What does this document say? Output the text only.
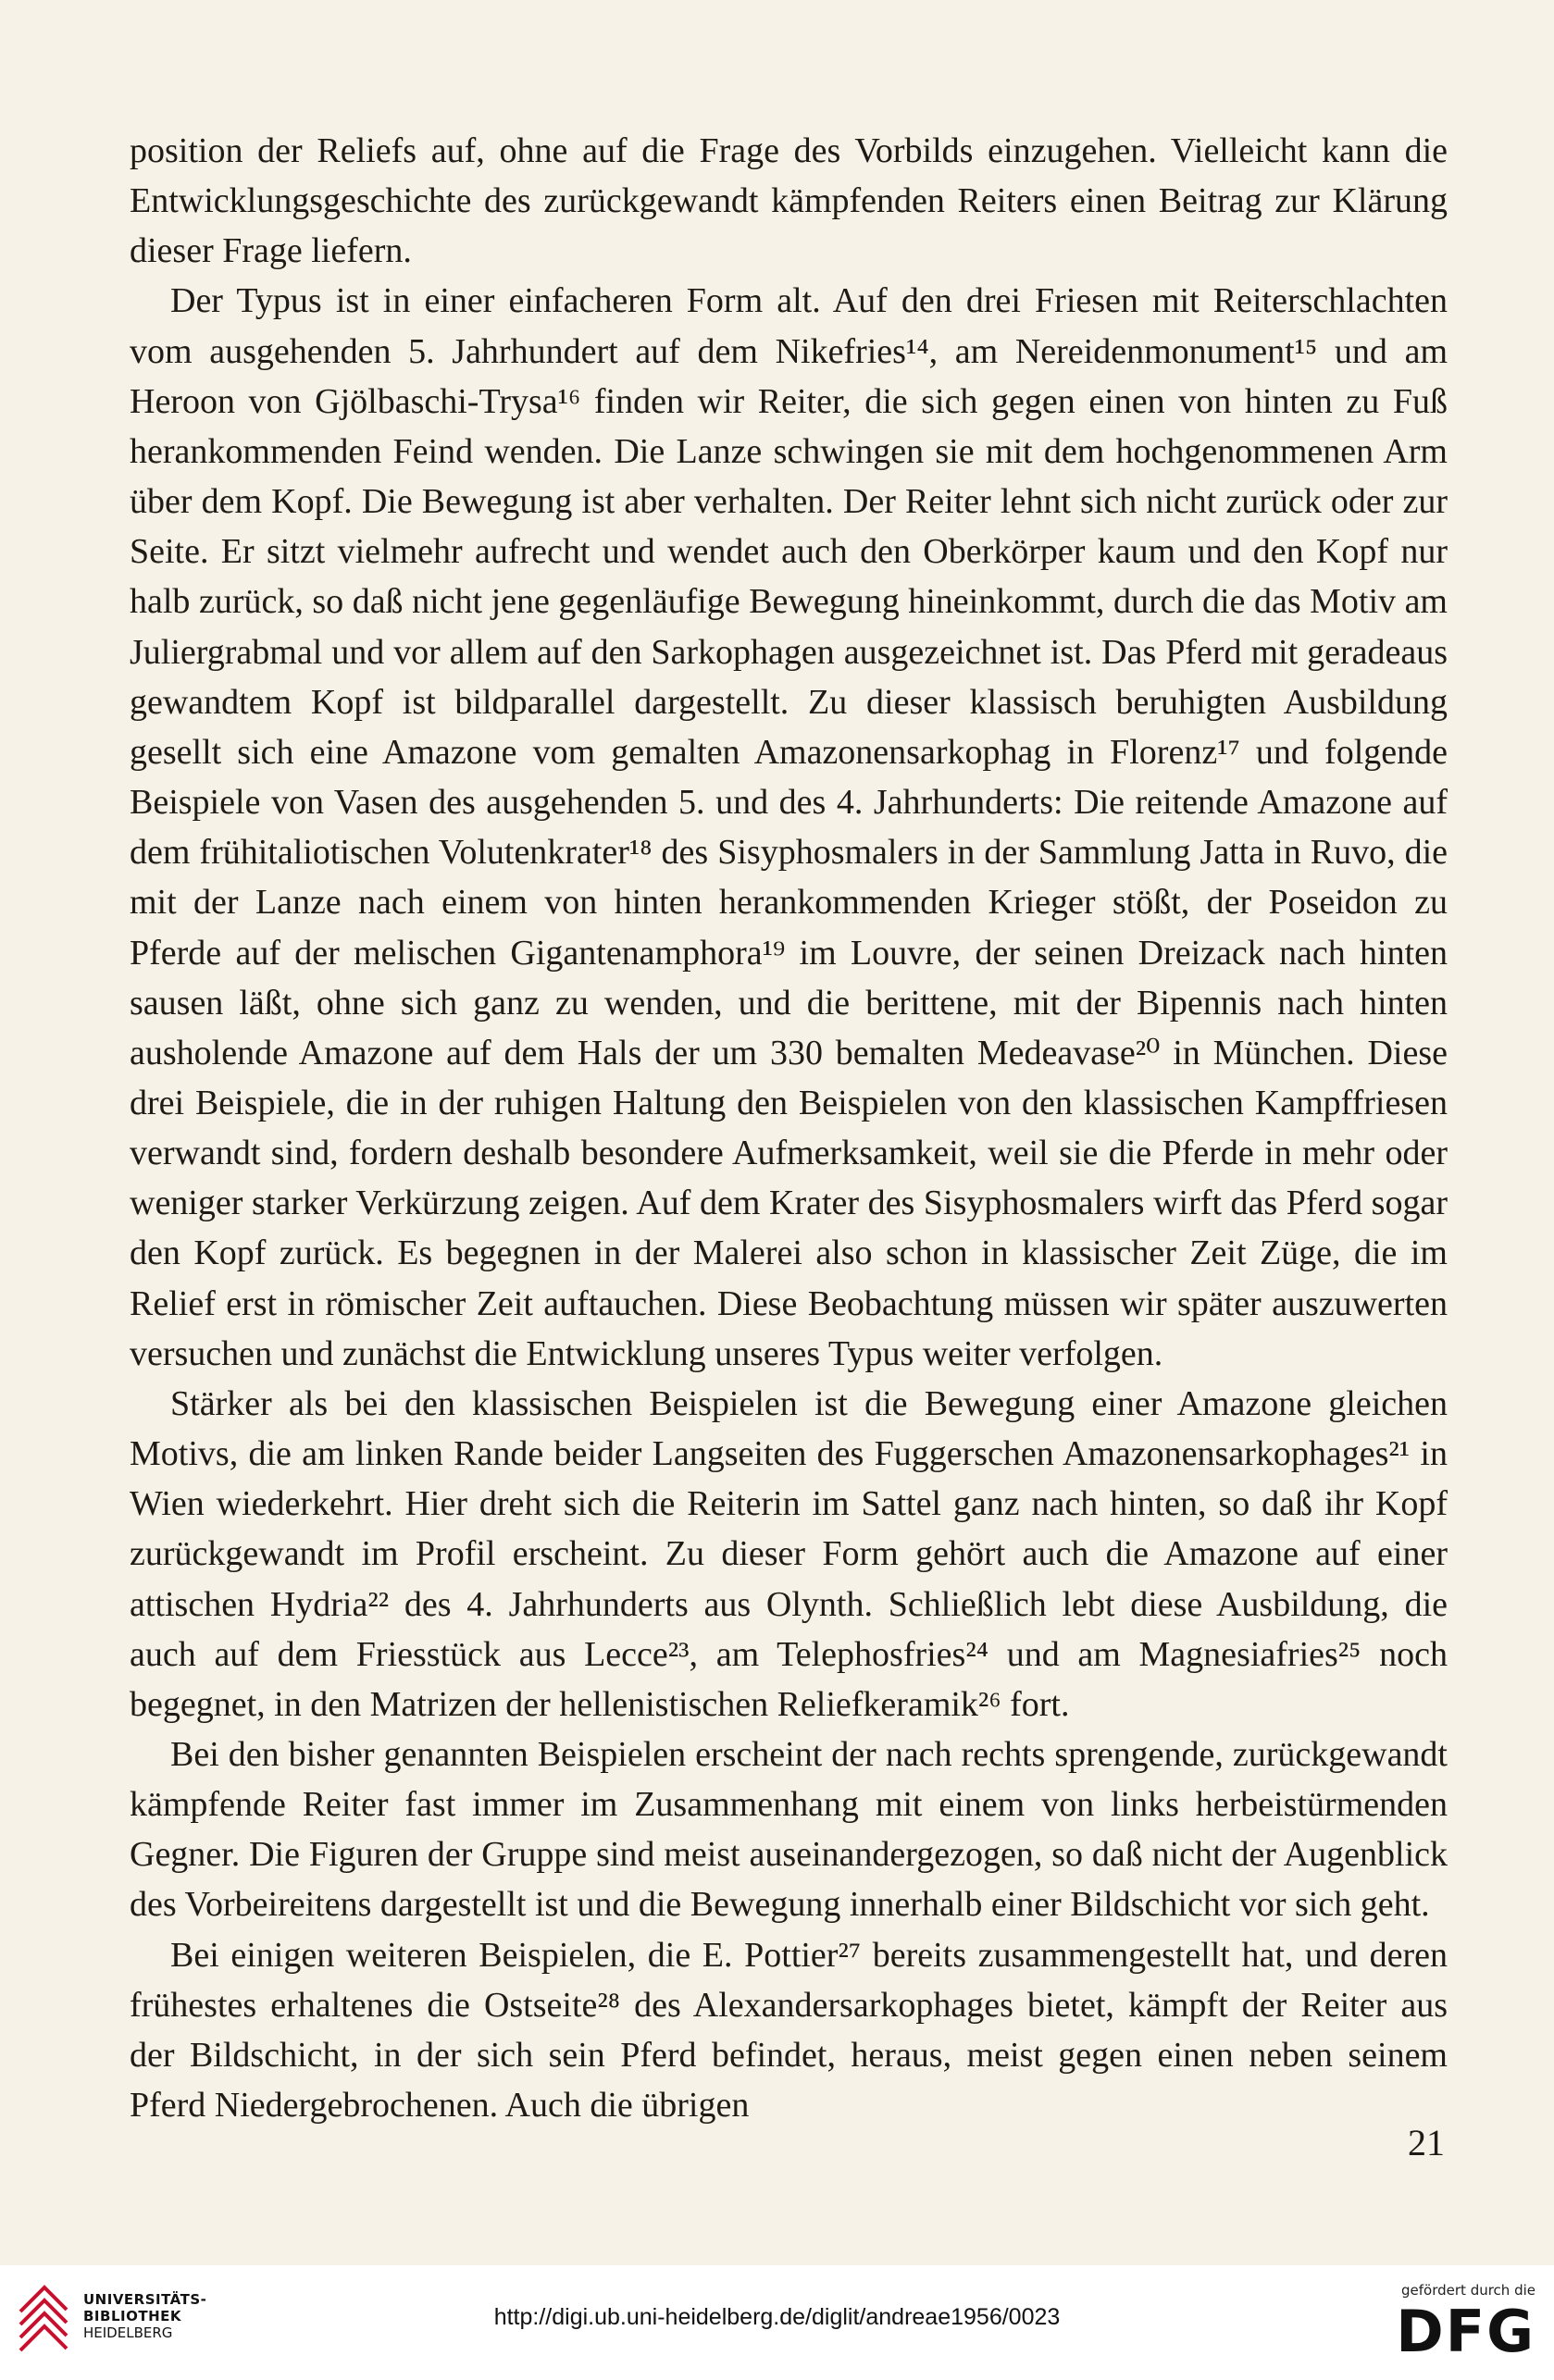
position der Reliefs auf, ohne auf die Frage des Vorbilds einzugehen. Vielleicht kann die Entwicklungsgeschichte des zurückgewandt kämpfenden Reiters einen Beitrag zur Klärung dieser Frage liefern.

Der Typus ist in einer einfacheren Form alt. Auf den drei Friesen mit Reiterschlachten vom ausgehenden 5. Jahrhundert auf dem Nikefries¹⁴, am Nereidenmonument¹⁵ und am Heroon von Gjölbaschi-Trysa¹⁶ finden wir Reiter, die sich gegen einen von hinten zu Fuß herankommenden Feind wenden. Die Lanze schwingen sie mit dem hochgenommenen Arm über dem Kopf. Die Bewegung ist aber verhalten. Der Reiter lehnt sich nicht zurück oder zur Seite. Er sitzt vielmehr aufrecht und wendet auch den Oberkörper kaum und den Kopf nur halb zurück, so daß nicht jene gegenläufige Bewegung hineinkommt, durch die das Motiv am Juliergrabmal und vor allem auf den Sarkophagen ausgezeichnet ist. Das Pferd mit geradeaus gewandtem Kopf ist bildparallel dargestellt. Zu dieser klassisch beruhigten Ausbildung gesellt sich eine Amazone vom gemalten Amazonensarkophag in Florenz¹⁷ und folgende Beispiele von Vasen des ausgehenden 5. und des 4. Jahrhunderts: Die reitende Amazone auf dem frühitaliotischen Volutenkrater¹⁸ des Sisyphosmalers in der Sammlung Jatta in Ruvo, die mit der Lanze nach einem von hinten herankommenden Krieger stößt, der Poseidon zu Pferde auf der melischen Gigantenamphora¹⁹ im Louvre, der seinen Dreizack nach hinten sausen läßt, ohne sich ganz zu wenden, und die berittene, mit der Bipennis nach hinten ausholende Amazone auf dem Hals der um 330 bemalten Medeavase²⁰ in München. Diese drei Beispiele, die in der ruhigen Haltung den Beispielen von den klassischen Kampffriesen verwandt sind, fordern deshalb besondere Aufmerksamkeit, weil sie die Pferde in mehr oder weniger starker Verkürzung zeigen. Auf dem Krater des Sisyphosmalers wirft das Pferd sogar den Kopf zurück. Es begegnen in der Malerei also schon in klassischer Zeit Züge, die im Relief erst in römischer Zeit auftauchen. Diese Beobachtung müssen wir später auszuwerten versuchen und zunächst die Entwicklung unseres Typus weiter verfolgen.

Stärker als bei den klassischen Beispielen ist die Bewegung einer Amazone gleichen Motivs, die am linken Rande beider Langseiten des Fuggerschen Amazonensarkophages²¹ in Wien wiederkehrt. Hier dreht sich die Reiterin im Sattel ganz nach hinten, so daß ihr Kopf zurückgewandt im Profil erscheint. Zu dieser Form gehört auch die Amazone auf einer attischen Hydria²² des 4. Jahrhunderts aus Olynth. Schließlich lebt diese Ausbildung, die auch auf dem Friesstück aus Lecce²³, am Telephosfries²⁴ und am Magnesiafries²⁵ noch begegnet, in den Matrizen der hellenistischen Reliefkeramik²⁶ fort.

Bei den bisher genannten Beispielen erscheint der nach rechts sprengende, zurückgewandt kämpfende Reiter fast immer im Zusammenhang mit einem von links herbeistürmenden Gegner. Die Figuren der Gruppe sind meist auseinandergezogen, so daß nicht der Augenblick des Vorbeireitens dargestellt ist und die Bewegung innerhalb einer Bildschicht vor sich geht.

Bei einigen weiteren Beispielen, die E. Pottier²⁷ bereits zusammengestellt hat, und deren frühestes erhaltenes die Ostseite²⁸ des Alexandersarkophages bietet, kämpft der Reiter aus der Bildschicht, in der sich sein Pferd befindet, heraus, meist gegen einen neben seinem Pferd Niedergebrochenen. Auch die übrigen

21
UNIVERSITÄTS-
BIBLIOTHEK
HEIDELBERG
http://digi.ub.uni-heidelberg.de/diglit/andreae1956/0023
gefördert durch die
DFG
